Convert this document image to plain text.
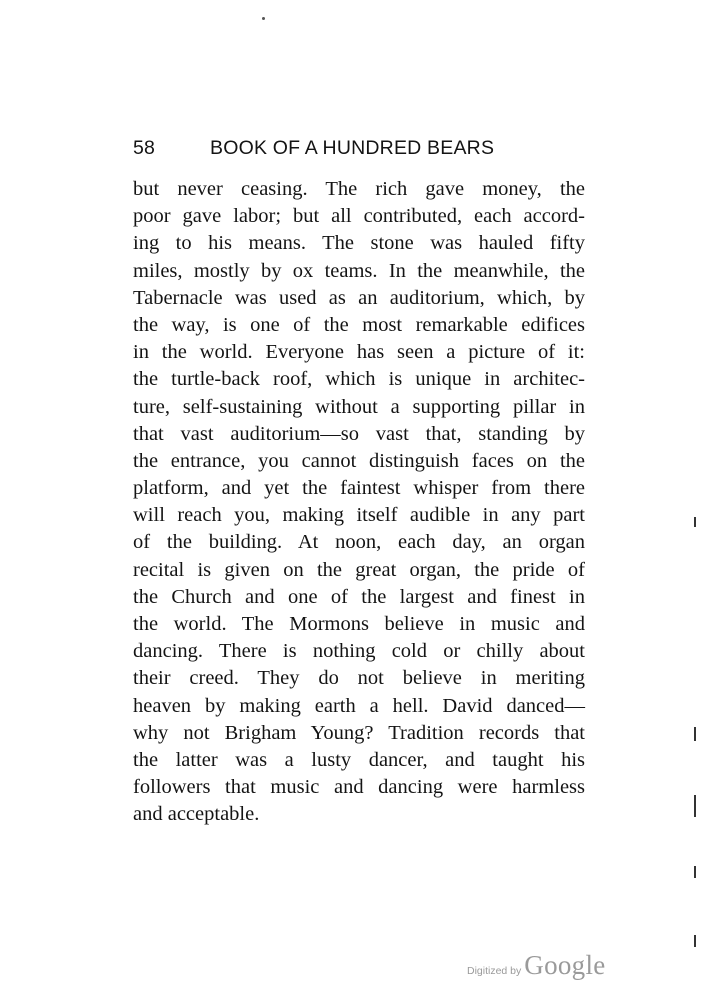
58	BOOK OF A HUNDRED BEARS
but never ceasing. The rich gave money, the
poor gave labor; but all contributed, each accord-
ing to his means. The stone was hauled fifty
miles, mostly by ox teams. In the meanwhile, the
Tabernacle was used as an auditorium, which, by
the way, is one of the most remarkable edifices
in the world. Everyone has seen a picture of it:
the turtle-back roof, which is unique in architec-
ture, self-sustaining without a supporting pillar in
that vast auditorium—so vast that, standing by
the entrance, you cannot distinguish faces on the
platform, and yet the faintest whisper from there
will reach you, making itself audible in any part
of the building. At noon, each day, an organ
recital is given on the great organ, the pride of
the Church and one of the largest and finest in
the world. The Mormons believe in music and
dancing. There is nothing cold or chilly about
their creed. They do not believe in meriting
heaven by making earth a hell. David danced—
why not Brigham Young? Tradition records that
the latter was a lusty dancer, and taught his
followers that music and dancing were harmless
and acceptable.
Digitized by Google
